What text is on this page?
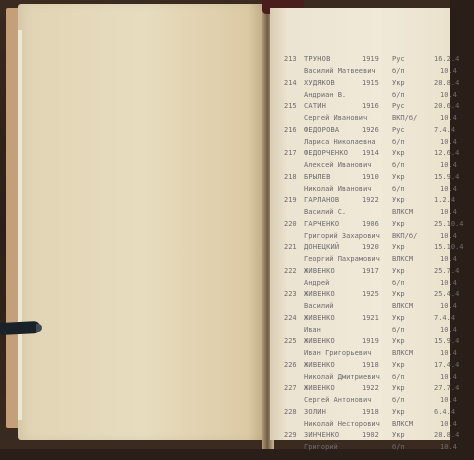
213	ТРУНОВ	1919	Рус	16.2.4
Василий Матвеевич б/п	10.4
214	ХУДЯКОВ	1915	Укр	28.8.4
Андриан В.	б/п	10.4
215	САТИН	1916	Рус	20.6.4
Сергей Иванович	ВКП/б/	10.4
216	ФЕДОРОВА	1926	Рус	7.4.4
Лариса Николаевна б/п	10.4
217	ФЕДОРЧЕНКО	1914	Укр	12.6.4
Алексей Иванович	б/п	10.4
218	БРЫЛЕВ	1910	Укр	15.9.4
Николай Иванович	б/п	10.4
219	ГАРЛАНОВ	1922	Укр	1.2.4
Василий С.	ВЛКСМ	10.4
220	ГАРЧЕНКО	1906	Укр	25.10.4
Григорий Захарович ВКП/б/	10.4
221	ДОНЕЦКИЙ	1920	Укр	15.10.4
Георгий Пахрамович ВЛКСМ	10.4
222	ЖИВЕНКО	1917	Укр	25.7.4
Андрей	б/п	10.4
223	ЖИВЕНКО	1925	Укр	25.4.4
Василий	ВЛКСМ	10.4
224	ЖИВЕНКО	1921	Укр	7.4.4
Иван	б/п	10.4
225	ЖИВЕНКО	1919	Укр	15.9.4
Иван Григорьевич	ВЛКСМ	10.4
226	ЖИВЕНКО	1918	Укр	17.4.4
Николай Дмитриевич б/п	10.4
227	ЖИВЕНКО	1922	Укр	27.7.4
Сергей Антонович	б/п	10.4
228	ЗОЛИН	1918	Укр	6.4.4
Николай Несторович ВЛКСМ	10.4
229	ЗИНЧЕНКО	1902	Укр	28.8.4
Григорий	б/п	10.4
